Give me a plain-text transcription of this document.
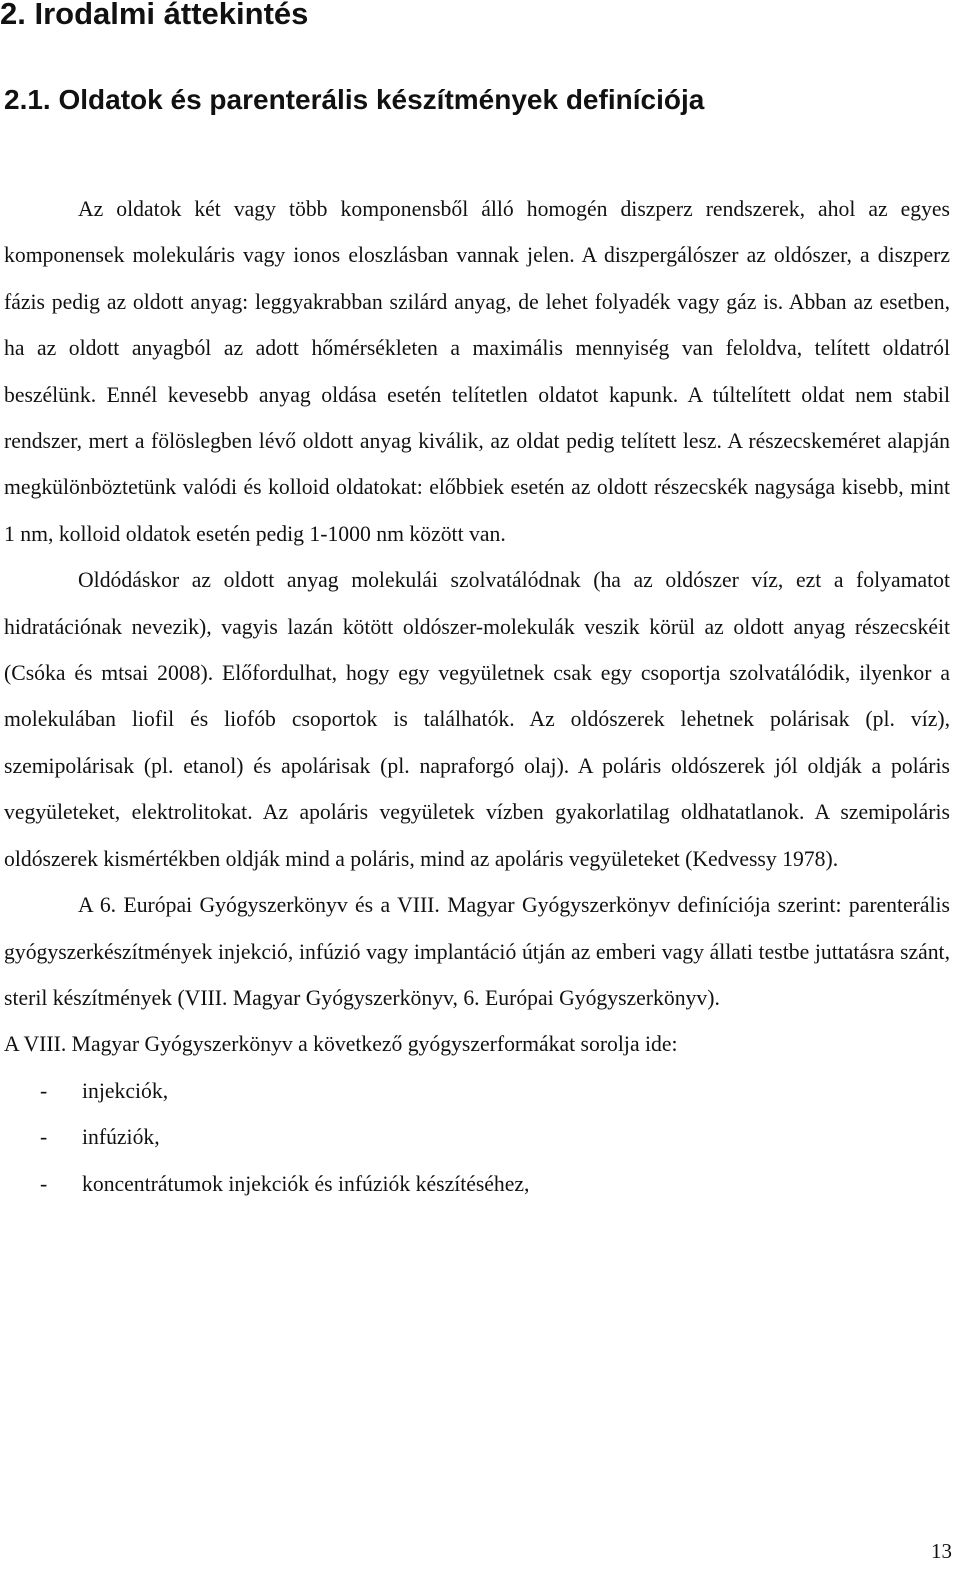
2. Irodalmi áttekintés
2.1. Oldatok és parenterális készítmények definíciója

Az oldatok két vagy több komponensből álló homogén diszperz rendszerek, ahol az egyes komponensek molekuláris vagy ionos eloszlásban vannak jelen. A diszpergálószer az oldószer, a diszperz fázis pedig az oldott anyag: leggyakrabban szilárd anyag, de lehet folyadék vagy gáz is. Abban az esetben, ha az oldott anyagból az adott hőmérsékleten a maximális mennyiség van feloldva, telített oldatról beszélünk. Ennél kevesebb anyag oldása esetén telítetlen oldatot kapunk. A túltelített oldat nem stabil rendszer, mert a fölöslegben lévő oldott anyag kiválik, az oldat pedig telített lesz. A részecskeméret alapján megkülönböztetünk valódi és kolloid oldatokat: előbbiek esetén az oldott részecskék nagysága kisebb, mint 1 nm, kolloid oldatok esetén pedig 1-1000 nm között van.

Oldódáskor az oldott anyag molekulái szolvatálódnak (ha az oldószer víz, ezt a folyamatot hidratációnak nevezik), vagyis lazán kötött oldószer-molekulák veszik körül az oldott anyag részecskéit (Csóka és mtsai 2008). Előfordulhat, hogy egy vegyületnek csak egy csoportja szolvatálódik, ilyenkor a molekulában liofil és liofób csoportok is találhatók. Az oldószerek lehetnek polárisak (pl. víz), szemipolárisak (pl. etanol) és apolárisak (pl. napraforgó olaj). A poláris oldószerek jól oldják a poláris vegyületeket, elektrolitokat. Az apoláris vegyületek vízben gyakorlatilag oldhatatlanok. A szemipoláris oldószerek kismértékben oldják mind a poláris, mind az apoláris vegyületeket (Kedvessy 1978).

A 6. Európai Gyógyszerkönyv és a VIII. Magyar Gyógyszerkönyv definíciója szerint: parenterális gyógyszerkészítmények injekció, infúzió vagy implantáció útján az emberi vagy állati testbe juttatásra szánt, steril készítmények (VIII. Magyar Gyógyszerkönyv, 6. Európai Gyógyszerkönyv).

A VIII. Magyar Gyógyszerkönyv a következő gyógyszerformákat sorolja ide:

- injekciók,
- infúziók,
- koncentrátumok injekciók és infúziók készítéséhez,
13
